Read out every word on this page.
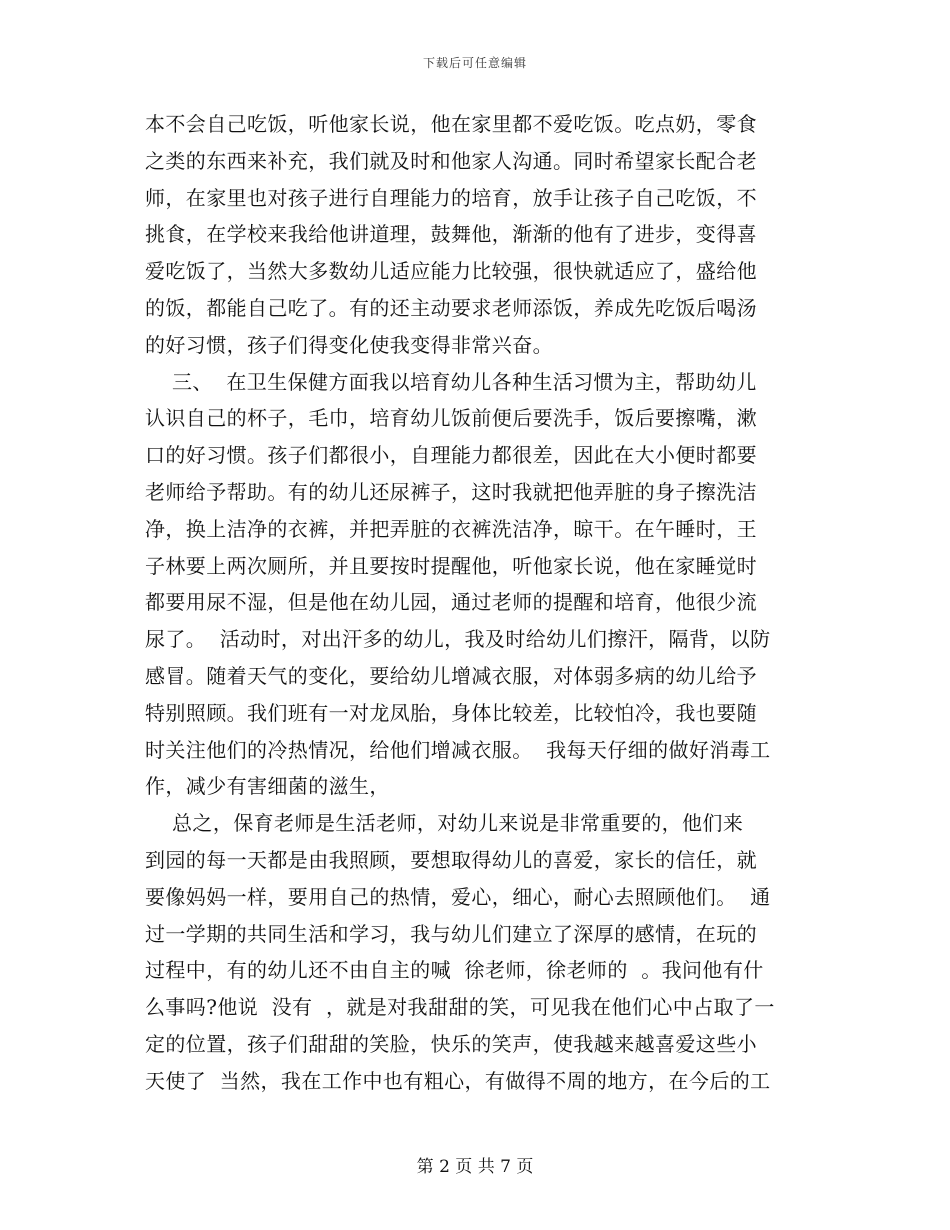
下载后可任意编辑
本不会自己吃饭，听他家长说，他在家里都不爱吃饭。吃点奶，零食
之类的东西来补充，我们就及时和他家人沟通。同时希望家长配合老
师，在家里也对孩子进行自理能力的培育，放手让孩子自己吃饭，不
挑食，在学校来我给他讲道理，鼓舞他，渐渐的他有了进步，变得喜
爱吃饭了，当然大多数幼儿适应能力比较强，很快就适应了，盛给他
的饭，都能自己吃了。有的还主动要求老师添饭，养成先吃饭后喝汤
的好习惯，孩子们得变化使我变得非常兴奋。
三、  在卫生保健方面我以培育幼儿各种生活习惯为主，帮助幼儿
认识自己的杯子，毛巾，培育幼儿饭前便后要洗手，饭后要擦嘴，漱
口的好习惯。孩子们都很小，自理能力都很差，因此在大小便时都要
老师给予帮助。有的幼儿还尿裤子，这时我就把他弄脏的身子擦洗洁
净，换上洁净的衣裤，并把弄脏的衣裤洗洁净，晾干。在午睡时，王
子林要上两次厕所，并且要按时提醒他，听他家长说，他在家睡觉时
都要用尿不湿，但是他在幼儿园，通过老师的提醒和培育，他很少流
尿了。  活动时，对出汗多的幼儿，我及时给幼儿们擦汗，隔背，以防
感冒。随着天气的变化，要给幼儿增减衣服，对体弱多病的幼儿给予
特别照顾。我们班有一对龙凤胎，身体比较差，比较怕冷，我也要随
时关注他们的冷热情况，给他们增减衣服。  我每天仔细的做好消毒工
作，减少有害细菌的滋生，
总之，保育老师是生活老师，对幼儿来说是非常重要的，他们来
到园的每一天都是由我照顾，要想取得幼儿的喜爱，家长的信任，就
要像妈妈一样，要用自己的热情，爱心，细心，耐心去照顾他们。  通
过一学期的共同生活和学习，我与幼儿们建立了深厚的感情，在玩的
过程中，有的幼儿还不由自主的喊  徐老师，徐老师的  。我问他有什
么事吗?他说  没有  ，就是对我甜甜的笑，可见我在他们心中占取了一
定的位置，孩子们甜甜的笑脸，快乐的笑声，使我越来越喜爱这些小
天使了  当然，我在工作中也有粗心，有做得不周的地方，在今后的工
第 2 页 共 7 页
